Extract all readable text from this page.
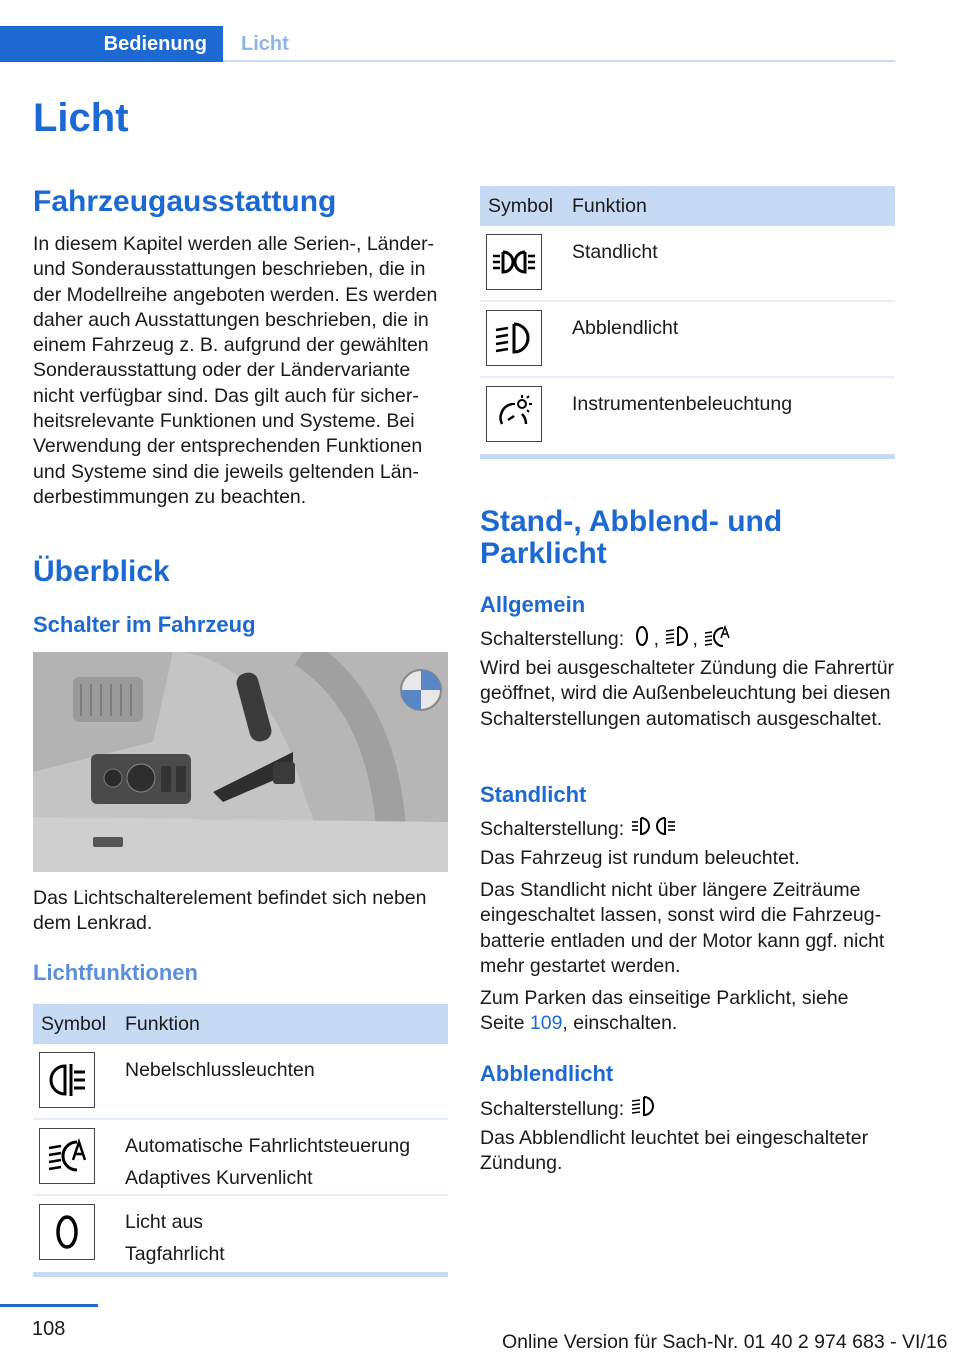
Bedienung	Licht
Licht
Fahrzeugausstattung
In diesem Kapitel werden alle Serien-, Länder- und Sonderausstattungen beschrieben, die in der Modellreihe angeboten werden. Es werden daher auch Ausstattungen beschrieben, die in einem Fahrzeug z. B. aufgrund der gewählten Sonderausstattung oder der Ländervariante nicht verfügbar sind. Das gilt auch für sicherheitsrelevante Funktionen und Systeme. Bei Verwendung der entsprechenden Funktionen und Systeme sind die jeweils geltenden Länderbestimmungen zu beachten.
Überblick
Schalter im Fahrzeug
Das Lichtschalterelement befindet sich neben dem Lenkrad.
Lichtfunktionen
Symbol Funktion
Nebelschlussleuchten
Automatische Fahrlichtsteuerung
Adaptives Kurvenlicht
Licht aus
Tagfahrlicht
Symbol Funktion
Standlicht
Abblendlicht
Instrumentenbeleuchtung
Stand-, Abblend- und Parklicht
Allgemein
Schalterstellung: , ,
Wird bei ausgeschalteter Zündung die Fahrertür geöffnet, wird die Außenbeleuchtung bei diesen Schalterstellungen automatisch ausgeschaltet.
Standlicht
Schalterstellung:
Das Fahrzeug ist rundum beleuchtet.
Das Standlicht nicht über längere Zeiträume eingeschaltet lassen, sonst wird die Fahrzeugbatterie entladen und der Motor kann ggf. nicht mehr gestartet werden.
Zum Parken das einseitige Parklicht, siehe Seite 109, einschalten.
Abblendlicht
Schalterstellung:
Das Abblendlicht leuchtet bei eingeschalteter Zündung.
108
Online Version für Sach-Nr. 01 40 2 974 683 - VI/16
